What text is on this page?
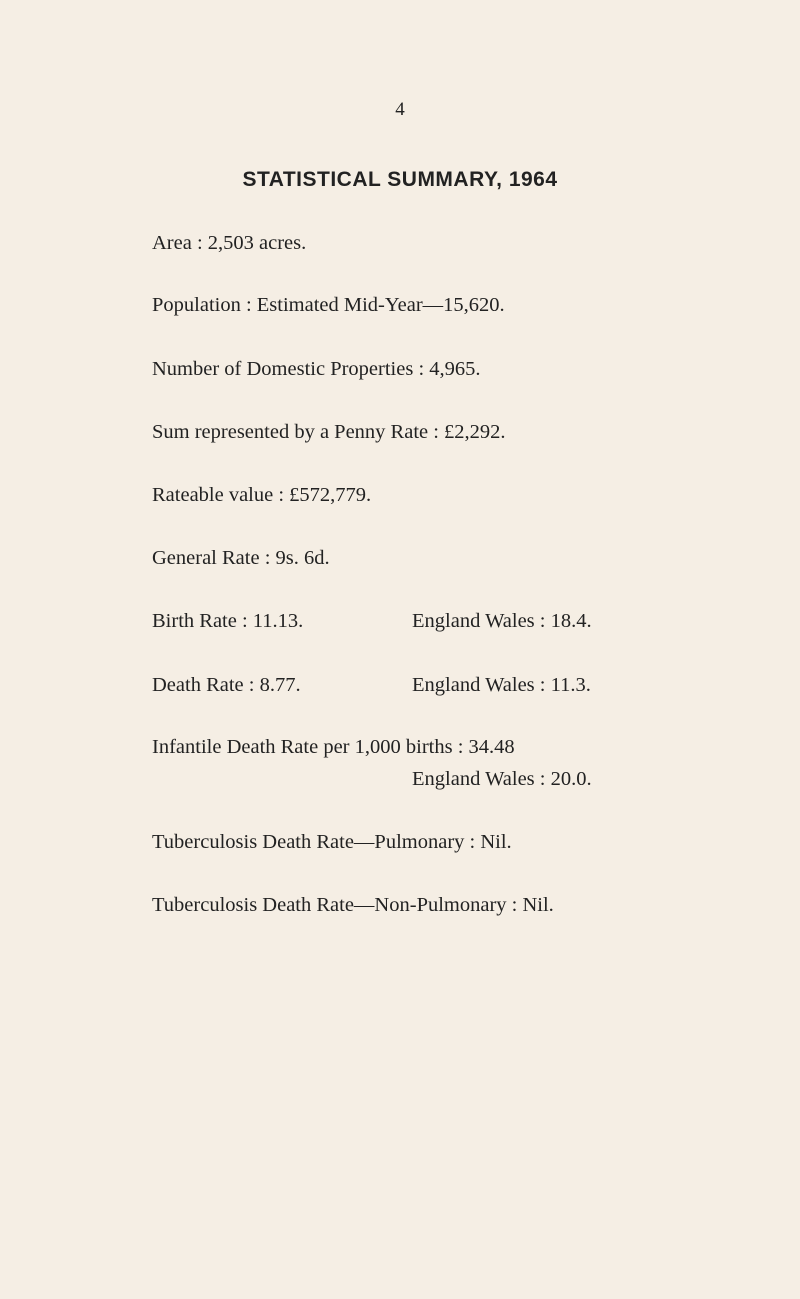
4
STATISTICAL SUMMARY, 1964
Area : 2,503 acres.
Population : Estimated Mid-Year—15,620.
Number of Domestic Properties : 4,965.
Sum represented by a Penny Rate : £2,292.
Rateable value : £572,779.
General Rate : 9s. 6d.
Birth Rate : 11.13.	England Wales : 18.4.
Death Rate : 8.77.	England Wales : 11.3.
Infantile Death Rate per 1,000 births : 34.48
England Wales : 20.0.
Tuberculosis Death Rate—Pulmonary : Nil.
Tuberculosis Death Rate—Non-Pulmonary : Nil.
